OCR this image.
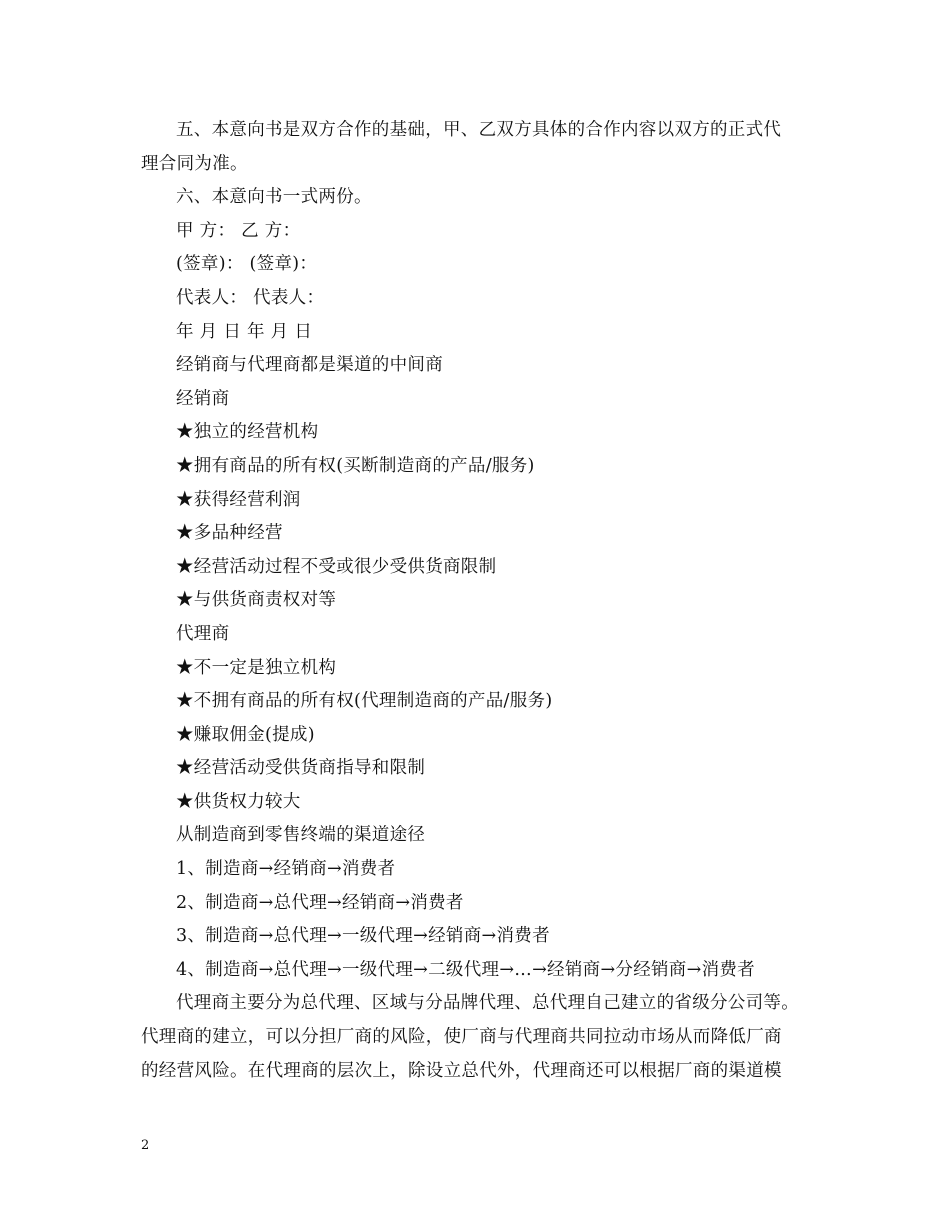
五、本意向书是双方合作的基础，甲、乙双方具体的合作内容以双方的正式代
理合同为准。
六、本意向书一式两份。
甲 方： 乙 方：
(签章)： (签章)：
代表人： 代表人：
年 月 日 年 月 日
经销商与代理商都是渠道的中间商
经销商
★独立的经营机构
★拥有商品的所有权(买断制造商的产品/服务)
★获得经营利润
★多品种经营
★经营活动过程不受或很少受供货商限制
★与供货商责权对等
代理商
★不一定是独立机构
★不拥有商品的所有权(代理制造商的产品/服务)
★赚取佣金(提成)
★经营活动受供货商指导和限制
★供货权力较大
从制造商到零售终端的渠道途径
1、制造商→经销商→消费者
2、制造商→总代理→经销商→消费者
3、制造商→总代理→一级代理→经销商→消费者
4、制造商→总代理→一级代理→二级代理→…→经销商→分经销商→消费者
代理商主要分为总代理、区域与分品牌代理、总代理自己建立的省级分公司等。
代理商的建立，可以分担厂商的风险，使厂商与代理商共同拉动市场从而降低厂商
的经营风险。在代理商的层次上，除设立总代外，代理商还可以根据厂商的渠道模
2
